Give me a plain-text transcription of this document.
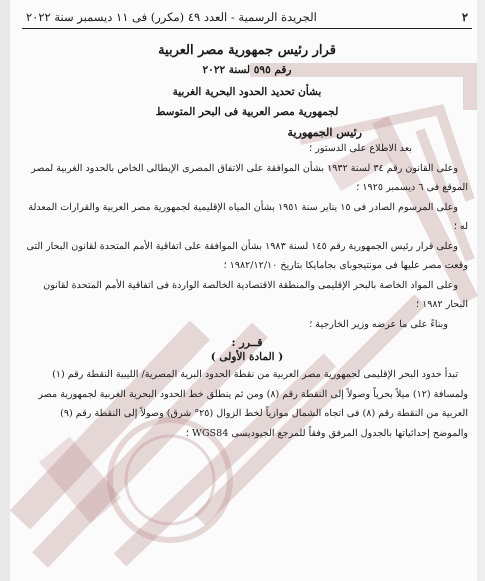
٢
الجريدة الرسمية - العدد ٤٩ (مكرر) فى ١١ ديسمبر سنة ٢٠٢٢
قرار رئيس جمهورية مصر العربية
رقم ٥٩٥ لسنة ٢٠٢٢
بشأن تحديد الحدود البحرية الغربية
لجمهورية مصر العربية فى البحر المتوسط
رئيس الجمهورية

بعد الاطلاع على الدستور ؛

وعلى القانون رقم ٣٤ لسنة ١٩٣٢ بشأن الموافقة على الاتفاق المصرى الإيطالى الخاص بالحدود الغربية لمصر الموقع فى ٦ ديسمبر ١٩٢٥ ؛

وعلى المرسوم الصادر فى ١٥ يناير سنة ١٩٥١ بشأن المياه الإقليمية لجمهورية مصر العربية والقرارات المعدلة له ؛

وعلى قرار رئيس الجمهورية رقم ١٤٥ لسنة ١٩٨٣ بشأن الموافقة على اتفاقية الأمم المتحدة لقانون البحار التى وقعت مصر عليها فى مونتيجوباى بجامايكا بتاريخ ١٩٨٢/١٢/١٠ ؛

وعلى المواد الخاصة بالبحر الإقليمى والمنطقة الاقتصادية الخالصة الواردة فى اتفاقية الأمم المتحدة لقانون البحار ١٩٨٢ ؛

وبناءً على ما عرضه وزير الخارجية ؛

قــرر :
( المادة الأولى )

تبدأ حدود البحر الإقليمى لجمهورية مصر العربية من نقطة الحدود البرية المصرية/ الليبية النقطة رقم (١) ولمسافة (١٢) ميلاً بحرياً وصولاً إلى النقطة رقم (٨) ومن ثم ينطلق خط الحدود البحرية الغربية لجمهورية مصر العربية من النقطة رقم (٨) فى اتجاه الشمال موازياً لخط الزوال (٢٥° شرق) وصولاً إلى النقطة رقم (٩) والموضح إحداثياتها بالجدول المرفق وفقاً للمرجع الجيوديسى WGS84 ؛
